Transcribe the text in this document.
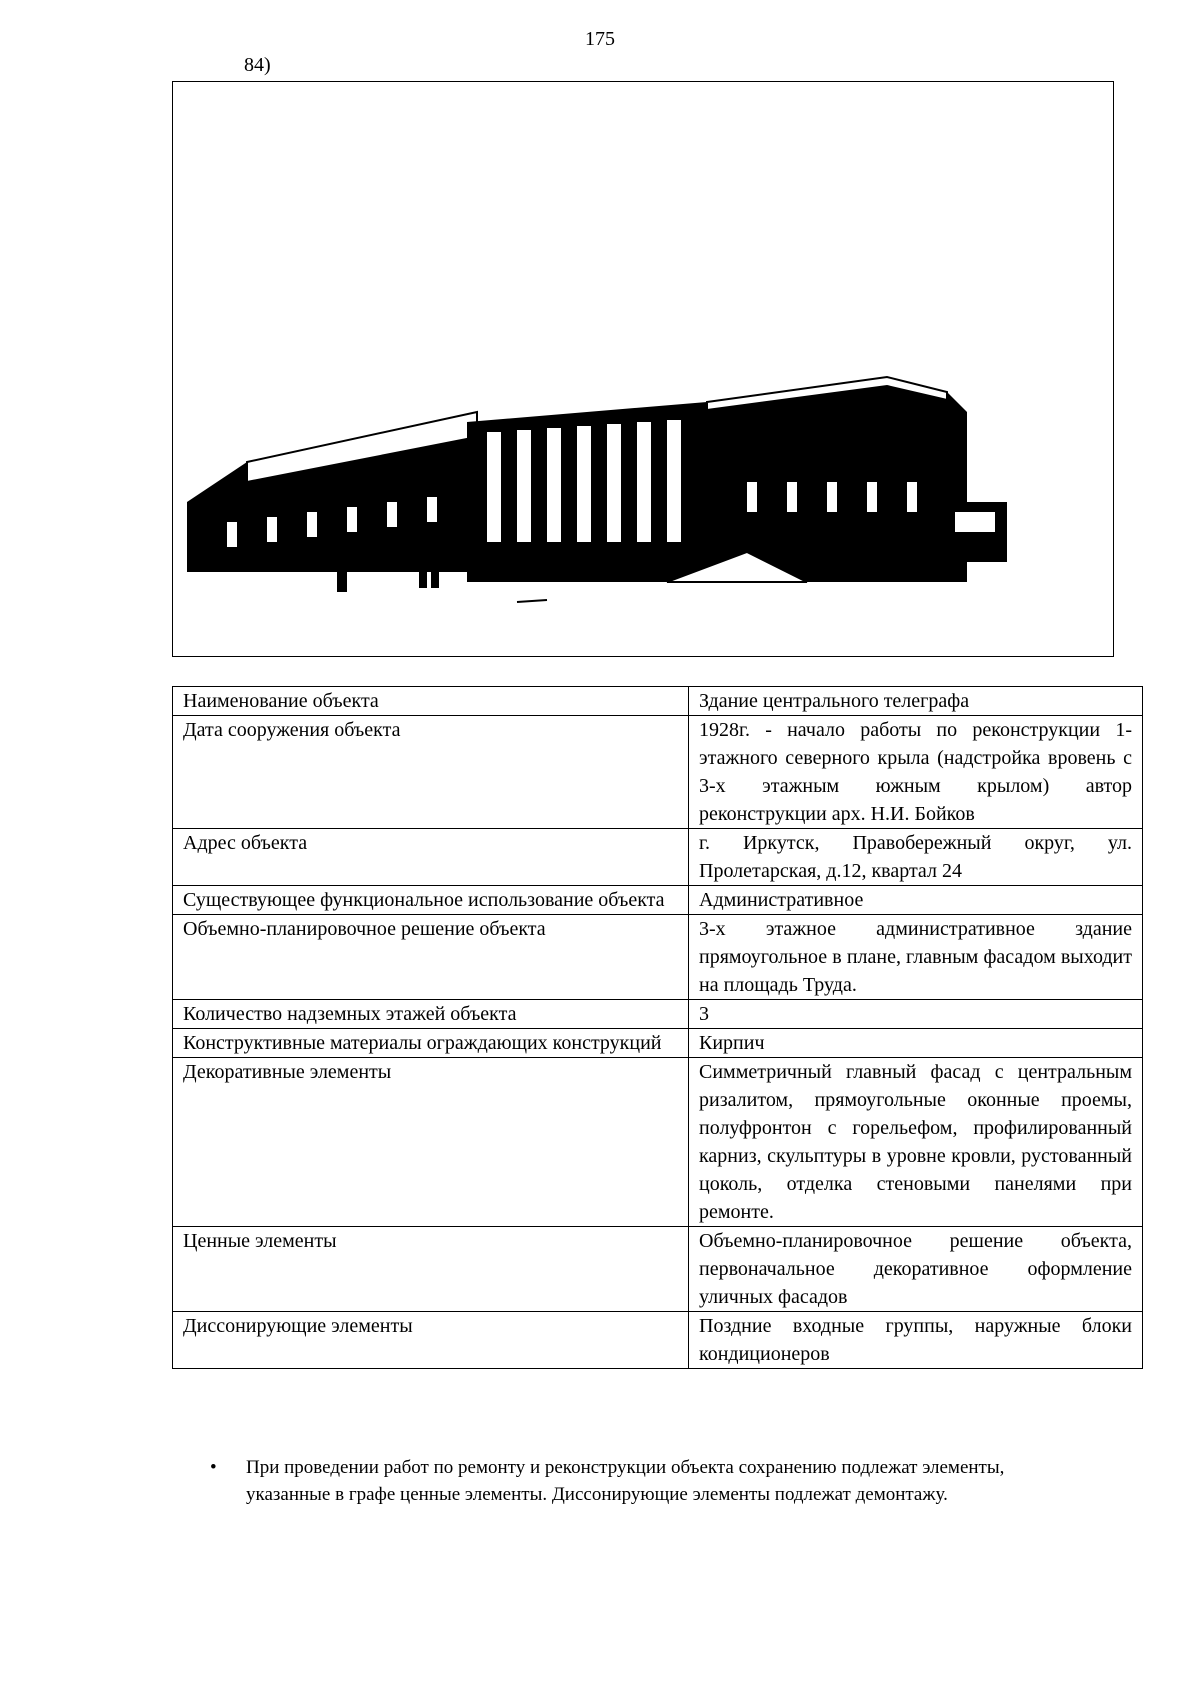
175
84)
Наименование объекта	Здание центрального телеграфа
Дата сооружения объекта	1928г. - начало работы по реконструкции 1-этажного северного крыла (надстройка вровень с 3-х этажным южным крылом) автор реконструкции арх. Н.И. Бойков
Адрес объекта	г. Иркутск, Правобережный округ, ул. Пролетарская, д.12, квартал 24
Существующее функциональное использование объекта	Административное
Объемно-планировочное решение объекта	3-х этажное административное здание прямоугольное в плане, главным фасадом выходит на площадь Труда.
Количество надземных этажей объекта	3
Конструктивные материалы ограждающих конструкций	Кирпич
Декоративные элементы	Симметричный главный фасад с центральным ризалитом, прямоугольные оконные проемы, полуфронтон с горельефом, профилированный карниз, скульптуры в уровне кровли, рустованный цоколь, отделка стеновыми панелями при ремонте.
Ценные элементы	Объемно-планировочное решение объекта, первоначальное декоративное оформление уличных фасадов
Диссонирующие элементы	Поздние входные группы, наружные блоки кондиционеров
•	При проведении работ по ремонту и реконструкции объекта сохранению подлежат элементы, указанные в графе ценные элементы. Диссонирующие элементы подлежат демонтажу.
